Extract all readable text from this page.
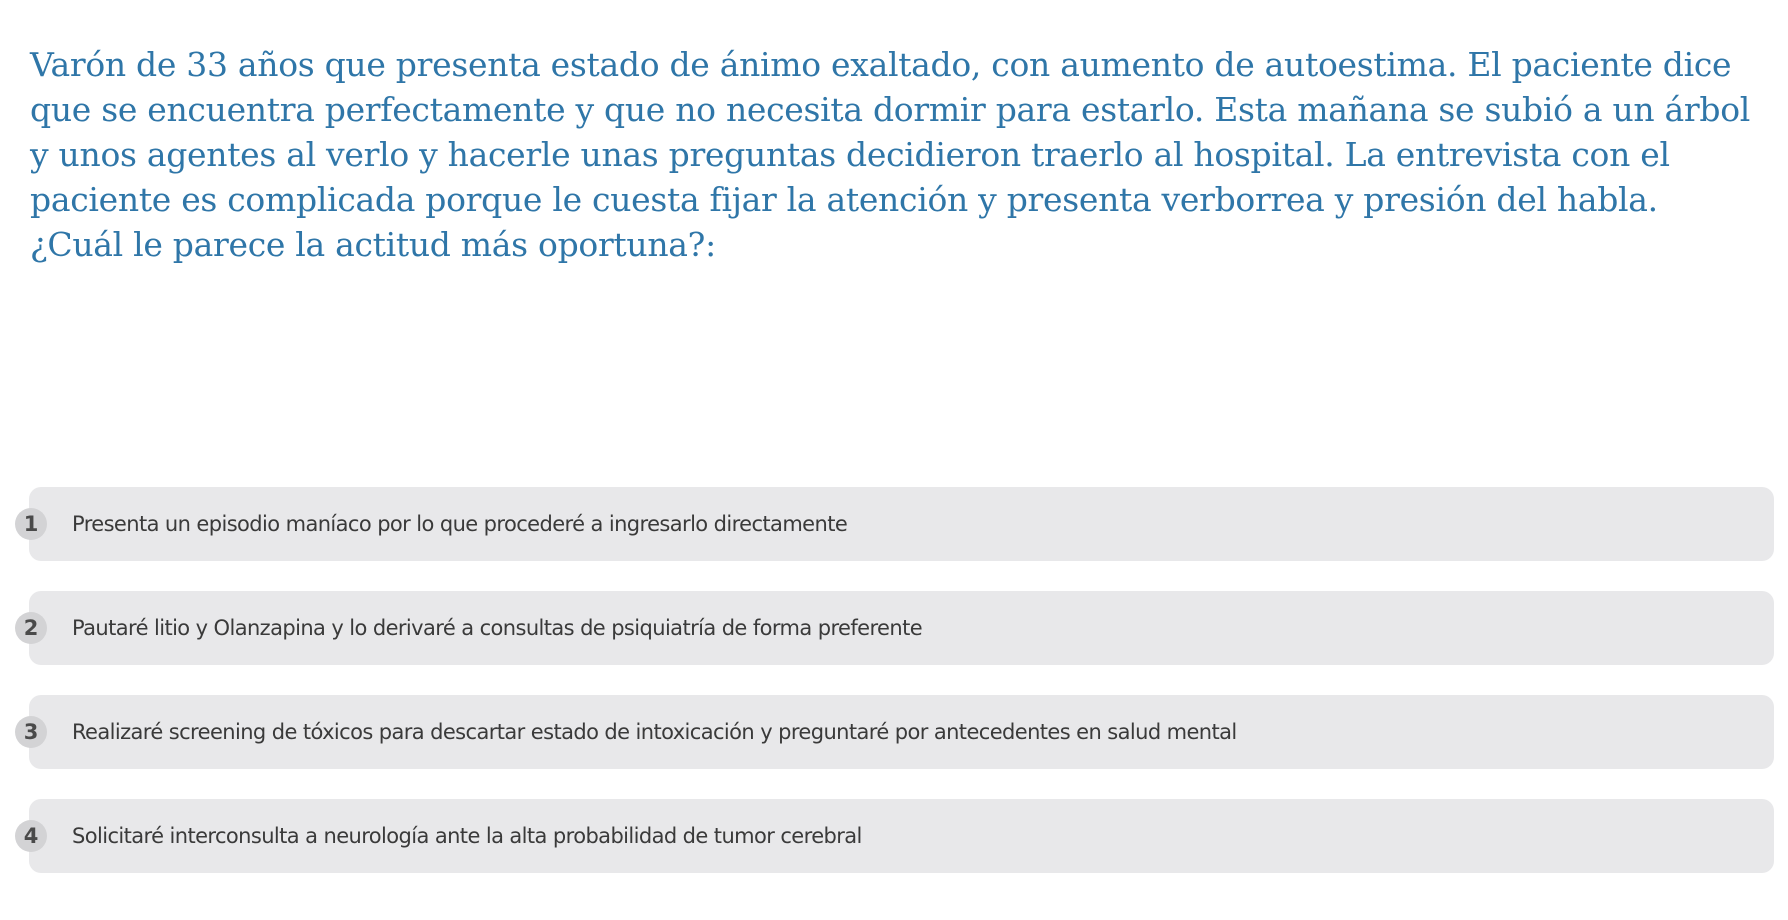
Varón de 33 años que presenta estado de ánimo exaltado, con aumento de autoestima. El paciente dice que se encuentra perfectamente y que no necesita dormir para estarlo. Esta mañana se subió a un árbol y unos agentes al verlo y hacerle unas preguntas decidieron traerlo al hospital. La entrevista con el paciente es complicada porque le cuesta fijar la atención y presenta verborrea y presión del habla. ¿Cuál le parece la actitud más oportuna?:

1	Presenta un episodio maníaco por lo que procederé a ingresarlo directamente
2	Pautaré litio y Olanzapina y lo derivaré a consultas de psiquiatría de forma preferente
3	Realizaré screening de tóxicos para descartar estado de intoxicación y preguntaré por antecedentes en salud mental
4	Solicitaré interconsulta a neurología ante la alta probabilidad de tumor cerebral
